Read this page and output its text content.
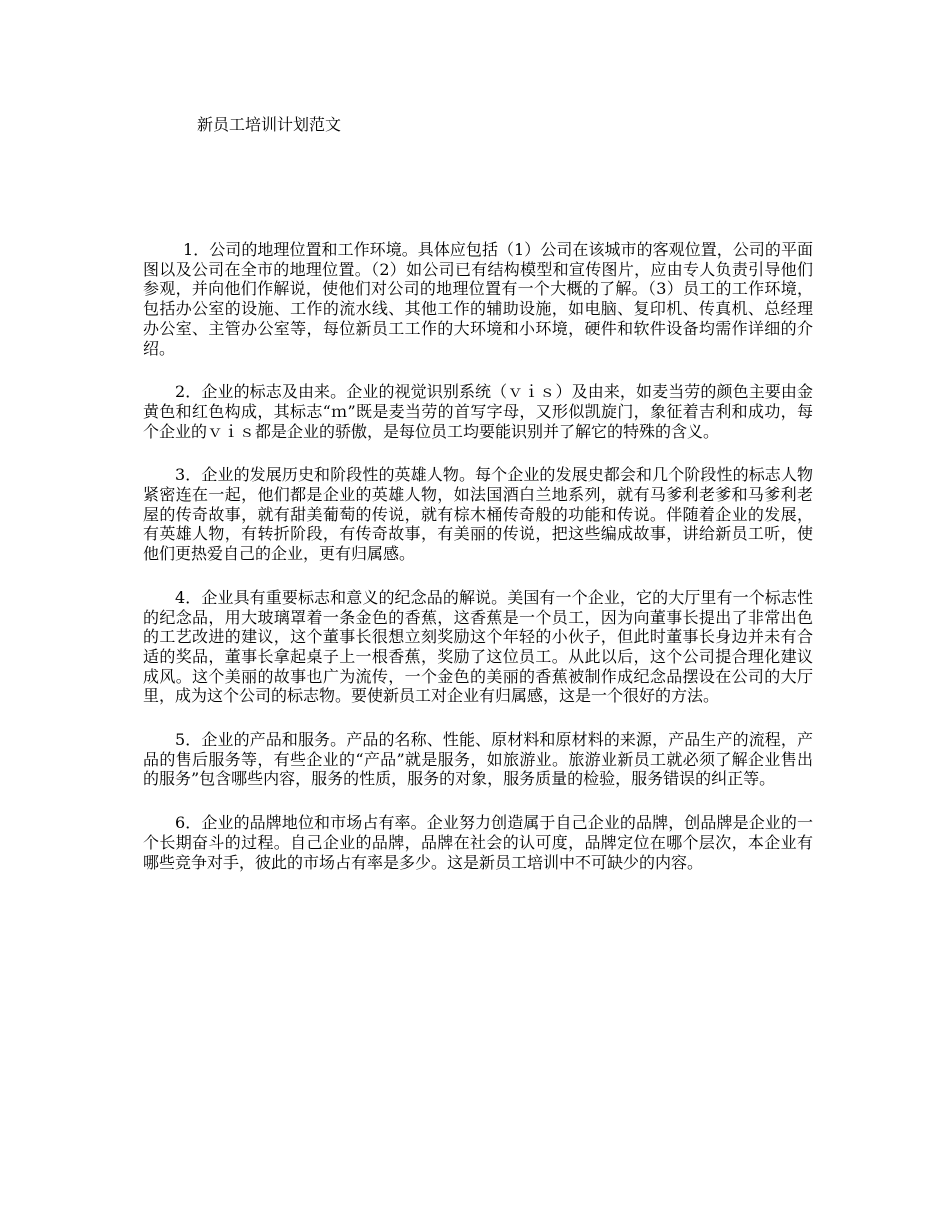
新员工培训计划范文

1．公司的地理位置和工作环境。具体应包括（1）公司在该城市的客观位置，公司的平面图以及公司在全市的地理位置。（2）如公司已有结构模型和宣传图片，应由专人负责引导他们参观，并向他们作解说，使他们对公司的地理位置有一个大概的了解。（3）员工的工作环境，包括办公室的设施、工作的流水线、其他工作的辅助设施，如电脑、复印机、传真机、总经理办公室、主管办公室等，每位新员工工作的大环境和小环境，硬件和软件设备均需作详细的介绍。

2．企业的标志及由来。企业的视觉识别系统（ｖｉｓ）及由来，如麦当劳的颜色主要由金黄色和红色构成，其标志“ｍ”既是麦当劳的首写字母，又形似凯旋门，象征着吉利和成功，每个企业的ｖｉｓ都是企业的骄傲，是每位员工均要能识别并了解它的特殊的含义。

3．企业的发展历史和阶段性的英雄人物。每个企业的发展史都会和几个阶段性的标志人物紧密连在一起，他们都是企业的英雄人物，如法国酒白兰地系列，就有马爹利老爹和马爹利老屋的传奇故事，就有甜美葡萄的传说，就有棕木桶传奇般的功能和传说。伴随着企业的发展，有英雄人物，有转折阶段，有传奇故事，有美丽的传说，把这些编成故事，讲给新员工听，使他们更热爱自己的企业，更有归属感。

4．企业具有重要标志和意义的纪念品的解说。美国有一个企业，它的大厅里有一个标志性的纪念品，用大玻璃罩着一条金色的香蕉，这香蕉是一个员工，因为向董事长提出了非常出色的工艺改进的建议，这个董事长很想立刻奖励这个年轻的小伙子，但此时董事长身边并未有合适的奖品，董事长拿起桌子上一根香蕉，奖励了这位员工。从此以后，这个公司提合理化建议成风。这个美丽的故事也广为流传，一个金色的美丽的香蕉被制作成纪念品摆设在公司的大厅里，成为这个公司的标志物。要使新员工对企业有归属感，这是一个很好的方法。

5．企业的产品和服务。产品的名称、性能、原材料和原材料的来源，产品生产的流程，产品的售后服务等，有些企业的“产品”就是服务，如旅游业。旅游业新员工就必须了解企业售出的服务”包含哪些内容，服务的性质，服务的对象，服务质量的检验，服务错误的纠正等。

6．企业的品牌地位和市场占有率。企业努力创造属于自己企业的品牌，创品牌是企业的一个长期奋斗的过程。自己企业的品牌，品牌在社会的认可度，品牌定位在哪个层次，本企业有哪些竞争对手，彼此的市场占有率是多少。这是新员工培训中不可缺少的内容。
